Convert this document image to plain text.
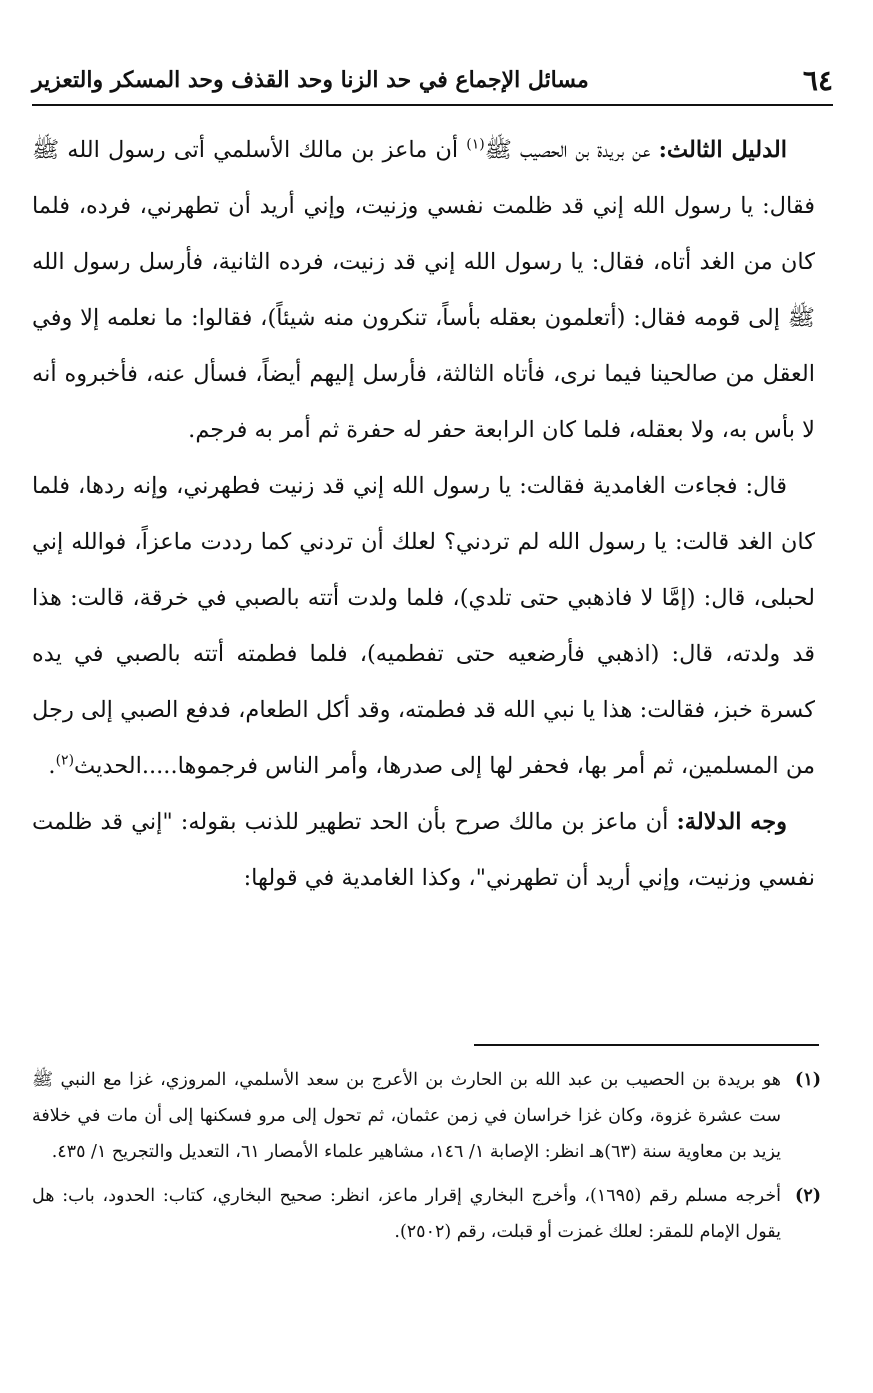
٦٤
مسائل الإجماع في حد الزنا وحد القذف وحد المسكر والتعزير

الدليل الثالث: عن بريدة بن الحصيب ﷺ$^{(١)}$ أن ماعز بن مالك الأسلمي أتى رسول الله ﷺ فقال: يا رسول الله إني قد ظلمت نفسي وزنيت، وإني أريد أن تطهرني، فرده، فلما كان من الغد أتاه، فقال: يا رسول الله إني قد زنيت، فرده الثانية، فأرسل رسول الله ﷺ إلى قومه فقال: (أتعلمون بعقله بأساً، تنكرون منه شيئاً)، فقالوا: ما نعلمه إلا وفي العقل من صالحينا فيما نرى، فأتاه الثالثة، فأرسل إليهم أيضاً، فسأل عنه، فأخبروه أنه لا بأس به، ولا بعقله، فلما كان الرابعة حفر له حفرة ثم أمر به فرجم.

قال: فجاءت الغامدية فقالت: يا رسول الله إني قد زنيت فطهرني، وإنه ردها، فلما كان الغد قالت: يا رسول الله لم تردني؟ لعلك أن تردني كما رددت ماعزاً، فوالله إني لحبلى، قال: (إمَّا لا فاذهبي حتى تلدي)، فلما ولدت أتته بالصبي في خرقة، قالت: هذا قد ولدته، قال: (اذهبي فأرضعيه حتى تفطميه)، فلما فطمته أتته بالصبي في يده كسرة خبز، فقالت: هذا يا نبي الله قد فطمته، وقد أكل الطعام، فدفع الصبي إلى رجل من المسلمين، ثم أمر بها، فحفر لها إلى صدرها، وأمر الناس فرجموها.....الحديث$^{(٢)}$.

وجه الدلالة: أن ماعز بن مالك صرح بأن الحد تطهير للذنب بقوله: "إني قد ظلمت نفسي وزنيت، وإني أريد أن تطهرني"، وكذا الغامدية في قولها:

(١)
هو بريدة بن الحصيب بن عبد الله بن الحارث بن الأعرج بن سعد الأسلمي، المروزي، غزا مع النبي ﷺ ست عشرة غزوة، وكان غزا خراسان في زمن عثمان، ثم تحول إلى مرو فسكنها إلى أن مات في خلافة يزيد بن معاوية سنة (٦٣)هـ انظر: الإصابة ١/ ١٤٦، مشاهير علماء الأمصار ٦١، التعديل والتجريح ١/ ٤٣٥.
(٢)
أخرجه مسلم رقم (١٦٩٥)، وأخرج البخاري إقرار ماعز، انظر: صحيح البخاري، كتاب: الحدود، باب: هل يقول الإمام للمقر: لعلك غمزت أو قبلت، رقم (٢٥٠٢).
